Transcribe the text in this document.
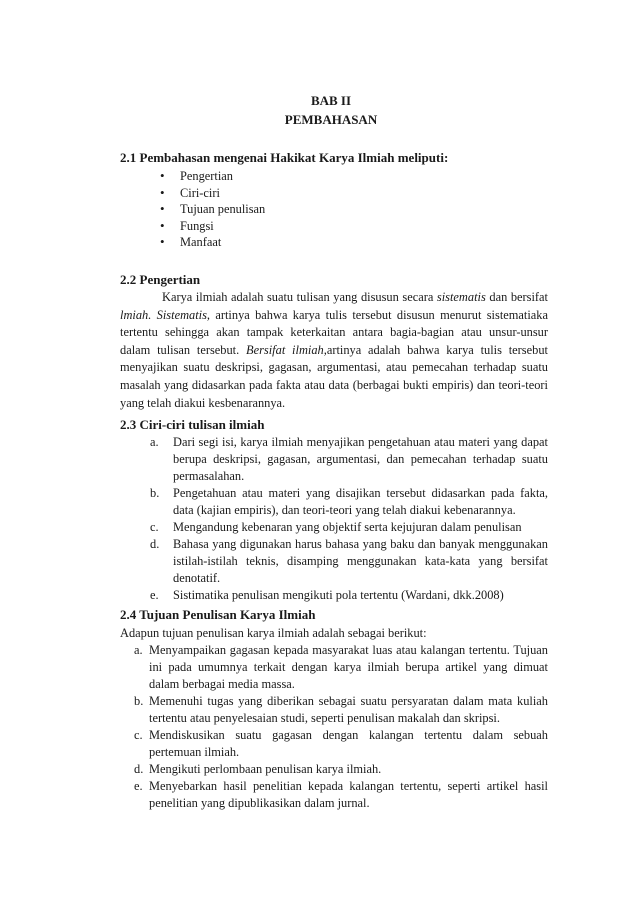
BAB II
PEMBAHASAN
2.1 Pembahasan mengenai Hakikat Karya Ilmiah meliputi:
• Pengertian
• Ciri-ciri
• Tujuan penulisan
• Fungsi
• Manfaat
2.2 Pengertian

Karya ilmiah adalah suatu tulisan yang disusun secara sistematis dan bersifat lmiah. Sistematis, artinya bahwa karya tulis tersebut disusun menurut sistematiaka tertentu sehingga akan tampak keterkaitan antara bagia-bagian atau unsur-unsur dalam tulisan tersebut. Bersifat ilmiah,artinya adalah bahwa karya tulis tersebut menyajikan suatu deskripsi, gagasan, argumentasi, atau pemecahan terhadap suatu masalah yang didasarkan pada fakta atau data (berbagai bukti empiris) dan teori-teori yang telah diakui kesbenarannya.

2.3 Ciri-ciri tulisan ilmiah
a. Dari segi isi, karya ilmiah menyajikan pengetahuan atau materi yang dapat berupa deskripsi, gagasan, argumentasi, dan pemecahan terhadap suatu permasalahan.
b. Pengetahuan atau materi yang disajikan tersebut didasarkan pada fakta, data (kajian empiris), dan teori-teori yang telah diakui kebenarannya.
c. Mengandung kebenaran yang objektif serta kejujuran dalam penulisan
d. Bahasa yang digunakan harus bahasa yang baku dan banyak menggunakan istilah-istilah teknis, disamping menggunakan kata-kata yang bersifat denotatif.
e. Sistimatika penulisan mengikuti pola tertentu (Wardani, dkk.2008)
2.4 Tujuan Penulisan Karya Ilmiah
Adapun tujuan penulisan karya ilmiah adalah sebagai berikut:
a. Menyampaikan gagasan kepada masyarakat luas atau kalangan tertentu. Tujuan ini pada umumnya terkait dengan karya ilmiah berupa artikel yang dimuat dalam berbagai media massa.
b. Memenuhi tugas yang diberikan sebagai suatu persyaratan dalam mata kuliah tertentu atau penyelesaian studi, seperti penulisan makalah dan skripsi.
c. Mendiskusikan suatu gagasan dengan kalangan tertentu dalam sebuah pertemuan ilmiah.
d. Mengikuti perlombaan penulisan karya ilmiah.
e. Menyebarkan hasil penelitian kepada kalangan tertentu, seperti artikel hasil penelitian yang dipublikasikan dalam jurnal.
